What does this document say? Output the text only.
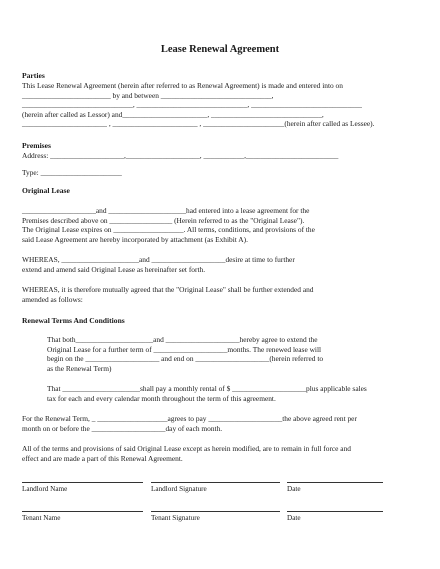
Lease Renewal Agreement
Parties
This Lease Renewal Agreement (herein after referred to as Renewal Agreement) is made and entered into on
________________________ by and between ______________________________,
______________________________, ______________________________, ______________________________
(herein after called as Lessor) and_______________________, ______________________________,
_______________________ , _______________________ , ______________________(herein after called as Lessee).
Premises
Address: ____________________,____________________, ___________,_________________________
Type: ______________________
Original Lease
____________________and _____________________had entered into a lease agreement for the
Premises described above on _________________ (Herein referred to as the "Original Lease").
The Original Lease expires on ___________________. All terms, conditions, and provisions of the
said Lease Agreement are hereby incorporated by attachment (as Exhibit A).
WHEREAS, _____________________and ____________________desire at time to further
extend and amend said Original Lease as hereinafter set forth.
WHEREAS, it is therefore mutually agreed that the "Original Lease" shall be further extended and
amended as follows:
Renewal Terms And Conditions
That both_____________________and ____________________hereby agree to extend the
Original Lease for a further term of ____________________months. The renewed lease will
begin on the ____________________ and end on ____________________(herein referred to
as the Renewal Term)
That _____________________shall pay a monthly rental of $ ____________________plus applicable sales
tax for each and every calendar month throughout the term of this agreement.
For the Renewal Term, _ ___________________agrees to pay ____________________the above agreed rent per
month on or before the ____________________day of each month.
All of the terms and provisions of said Original Lease except as herein modified, are to remain in full force and
effect and are made a part of this Renewal Agreement.
Landlord Name	Landlord Signature	Date
Tenant Name	Tenant Signature	Date
